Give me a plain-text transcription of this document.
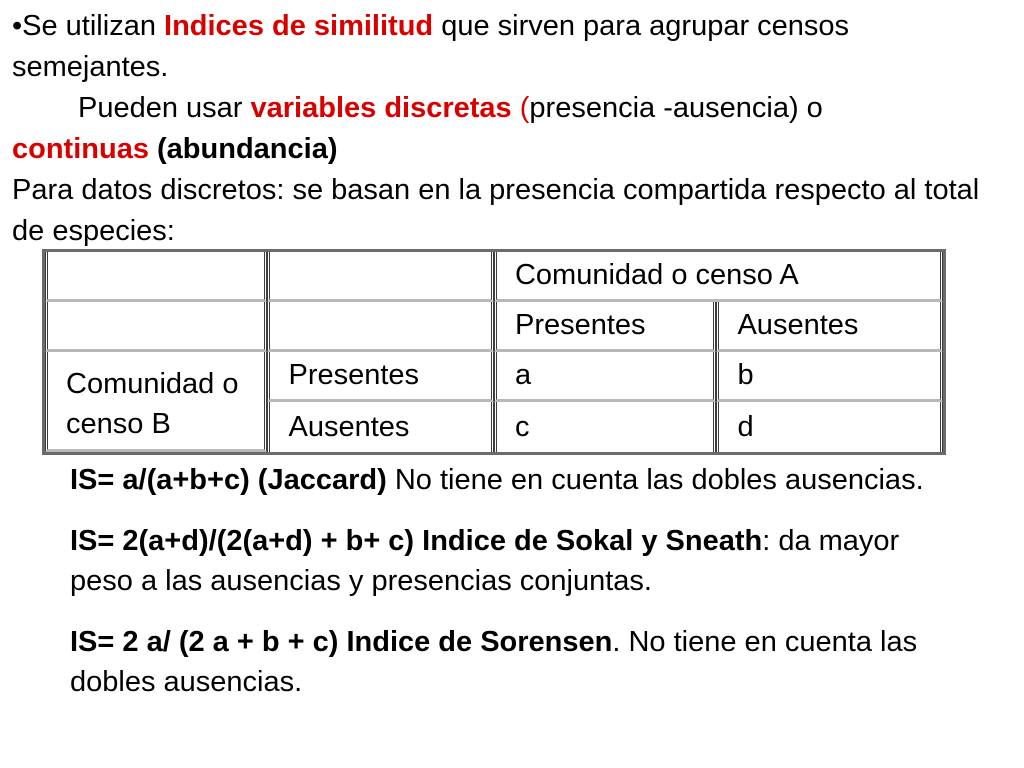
•Se utilizan Indices de similitud que sirven para agrupar censos semejantes.

Pueden usar variables discretas (presencia -ausencia) o

continuas (abundancia)

Para datos discretos: se basan en la presencia compartida respecto al total de especies:

		Comunidad o censo A	
		Presentes	Ausentes
Comunidad o censo B	Presentes	a	b
	Ausentes	c	d

IS= a/(a+b+c) (Jaccard) No tiene en cuenta las dobles ausencias.

IS= 2(a+d)/(2(a+d) + b+ c) Indice de Sokal y Sneath: da mayor peso a las ausencias y presencias conjuntas.

IS= 2 a/ (2 a + b + c) Indice de Sorensen. No tiene en cuenta las dobles ausencias.
